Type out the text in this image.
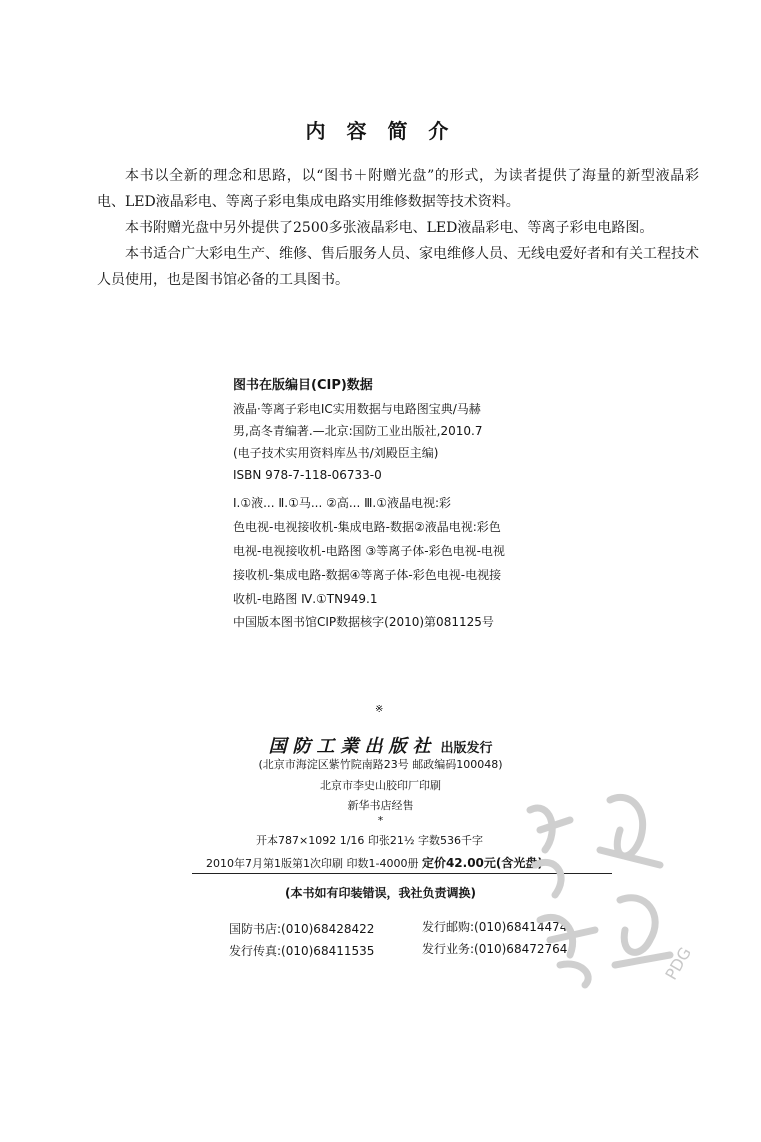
内 容 简 介

本书以全新的理念和思路，以“图书＋附赠光盘”的形式，为读者提供了海量的新型液晶彩电、LED液晶彩电、等离子彩电集成电路实用维修数据等技术资料。

本书附赠光盘中另外提供了2500多张液晶彩电、LED液晶彩电、等离子彩电电路图。

本书适合广大彩电生产、维修、售后服务人员、家电维修人员、无线电爱好者和有关工程技术人员使用，也是图书馆必备的工具图书。

图书在版编目(CIP)数据
液晶·等离子彩电IC实用数据与电路图宝典/马赫
男,高冬青编著.—北京:国防工业出版社,2010.7
(电子技术实用资料库丛书/刘殿臣主编)
ISBN 978-7-118-06733-0
Ⅰ.①液... Ⅱ.①马... ②高... Ⅲ.①液晶电视:彩
色电视-电视接收机-集成电路-数据②液晶电视:彩色
电视-电视接收机-电路图 ③等离子体-彩色电视-电视
接收机-集成电路-数据④等离子体-彩色电视-电视接
收机-电路图 Ⅳ.①TN949.1
中国版本图书馆CIP数据核字(2010)第081125号
※
国防工業出版社 出版发行
(北京市海淀区紫竹院南路23号 邮政编码100048)
北京市李史山胶印厂印刷
新华书店经售
*
开本787×1092 1/16 印张21½ 字数536千字
2010年7月第1版第1次印刷 印数1-4000册 定价42.00元(含光盘)
(本书如有印装错误，我社负责调换)
国防书店:(010)68428422	发行邮购:(010)68414474
发行传真:(010)68411535	发行业务:(010)68472764	PDG
